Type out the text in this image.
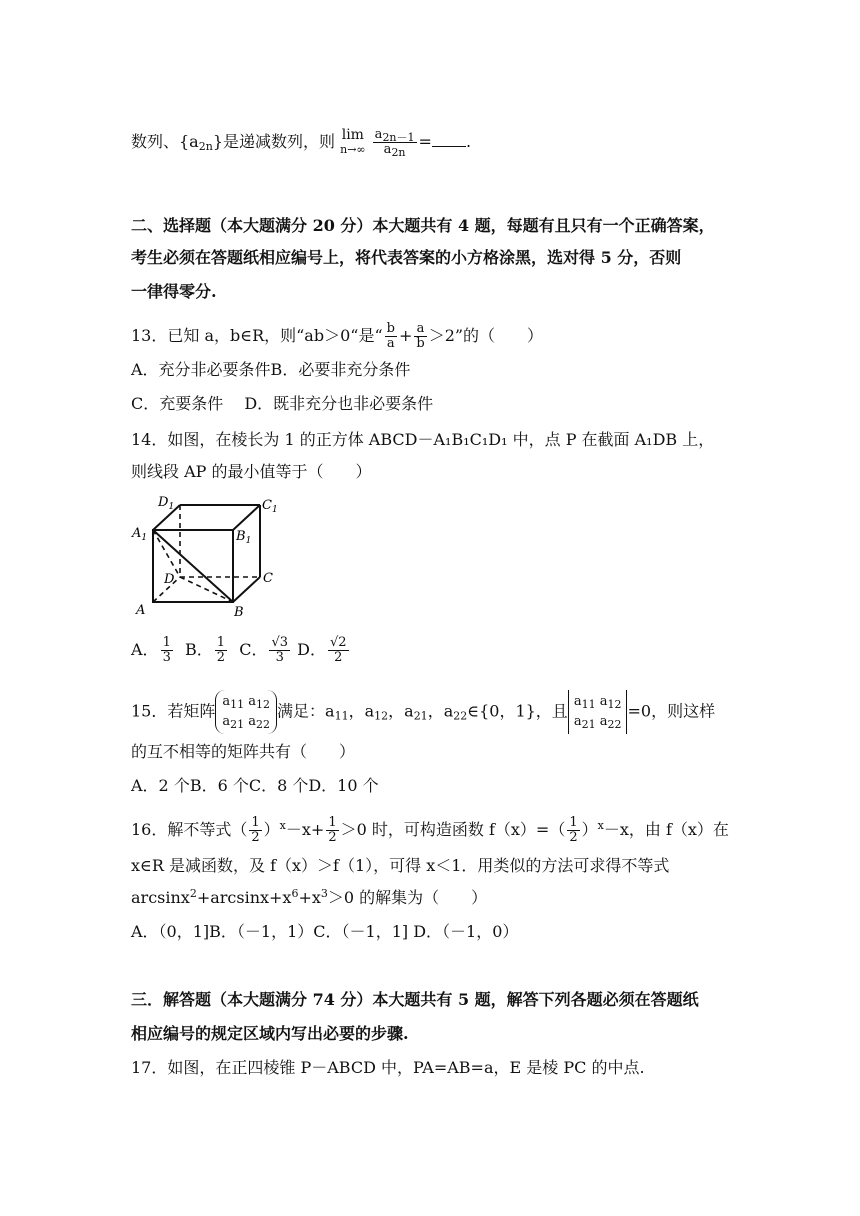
数列、$\{a_{2n}\}$是递减数列，则 lim
$n\to\infty \frac{a_{2n-1}}{a_{2n}}$ = .
二、选择题（本大题满分 20 分）本大题共有 4 题，每题有且只有一个正确答案，
考生必须在答题纸相应编号上，将代表答案的小方格涂黑，选对得 5 分，否则
一律得零分.
13．已知 a，b∈R，则“ab＞0“是“ $\frac{b}{a} + \frac{a}{b} >2$”的（　　）
A．充分非必要条件B．必要非充分条件
C．充要条件　 D．既非充分也非必要条件
14．如图，在棱长为 1 的正方体 ABCD－A₁B₁C₁D₁ 中，点 P 在截面 A₁DB 上，
则线段 AP 的最小值等于（　　）
$D_1$	$C_1$
$A_1$	$B_1$
D	C
A	B
A． $\frac{1}{3}$ B． $\frac{1}{2}$ C． $\frac{√3}{3}$ D． $\frac{√2}{2}$
15．若矩阵 $a_{11}$ $a_{12}$
$a_{21}$ $a_{22}$满足：$a_{11}$，$a_{12}$，$a_{21}$，$a_{22}\in\{0$，1}，且 $a_{11}$ $a_{12}$
$a_{21}$ $a_{22}=0$，则这样
的互不相等的矩阵共有（　　）
A．2 个B．6 个C．8 个D．10 个
16．解不等式（ $\frac{1}{2} )^x-x+ \frac{1}{2} >0$ 时，可构造函数 $f(x)=( \frac{1}{2} )^x-x$，由 f（x）在
x∈R 是减函数，及 f（x）＞f（1），可得 x＜1．用类似的方法可求得不等式
$\arcsin x^2+\arcsin x+x^6+x^3>0$ 的解集为（　　）
A．（0，1]B．（－1，1）C．（－1，1] D．（－1，0）
三．解答题（本大题满分 74 分）本大题共有 5 题，解答下列各题必须在答题纸
相应编号的规定区域内写出必要的步骤.
17．如图，在正四棱锥 P－ABCD 中，PA=AB=a，E 是棱 PC 的中点.
